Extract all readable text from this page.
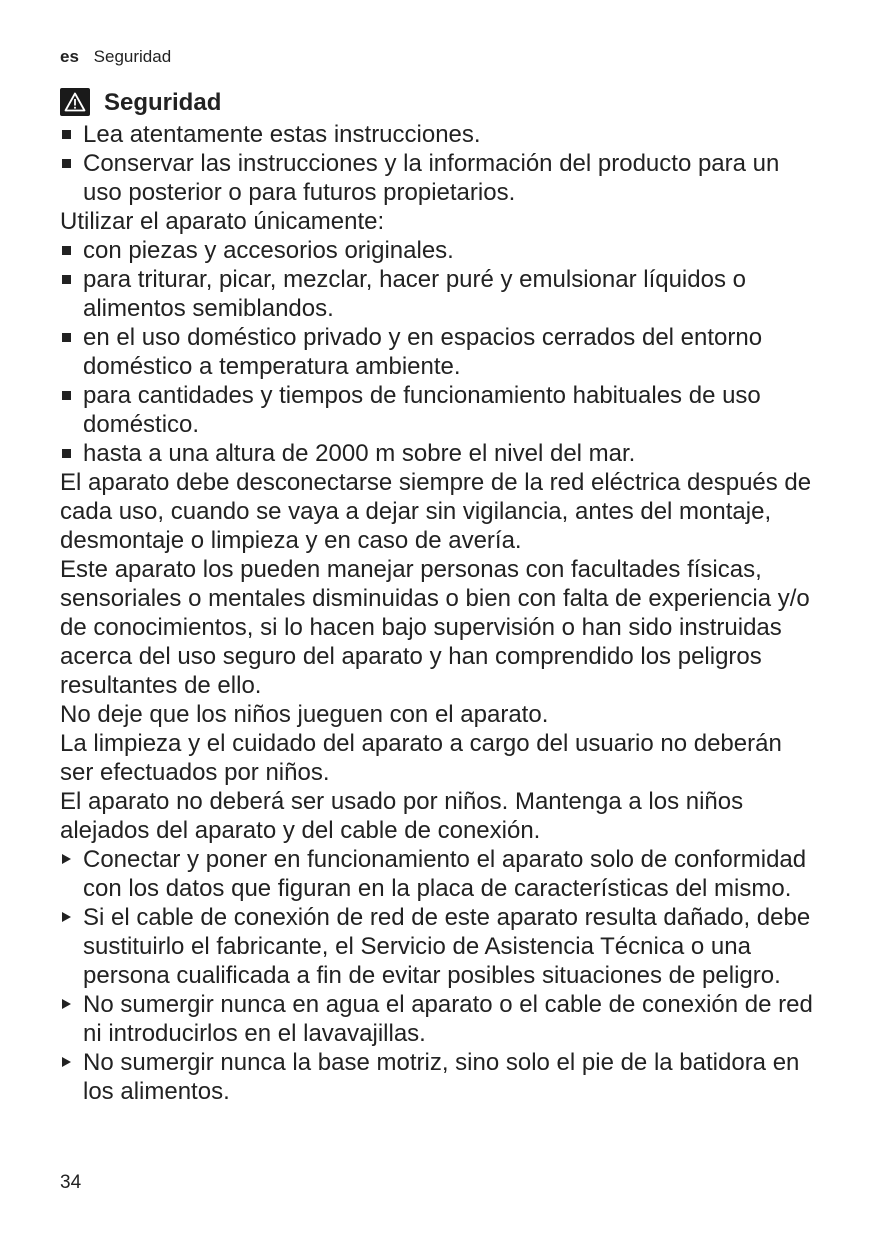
es Seguridad
Seguridad
Lea atentamente estas instrucciones.
Conservar las instrucciones y la información del producto para un uso posterior o para futuros propietarios.

Utilizar el aparato únicamente:

con piezas y accesorios originales.
para triturar, picar, mezclar, hacer puré y emulsionar líquidos o alimentos semiblandos.
en el uso doméstico privado y en espacios cerrados del entorno doméstico a temperatura ambiente.
para cantidades y tiempos de funcionamiento habituales de uso doméstico.
hasta a una altura de 2000 m sobre el nivel del mar.

El aparato debe desconectarse siempre de la red eléctrica después de cada uso, cuando se vaya a dejar sin vigilancia, antes del montaje, desmontaje o limpieza y en caso de avería.

Este aparato los pueden manejar personas con facultades físicas, sensoriales o mentales disminuidas o bien con falta de experiencia y/o de conocimientos, si lo hacen bajo supervisión o han sido instruidas acerca del uso seguro del aparato y han comprendido los peligros resultantes de ello.

No deje que los niños jueguen con el aparato.

La limpieza y el cuidado del aparato a cargo del usuario no deberán ser efectuados por niños.

El aparato no deberá ser usado por niños. Mantenga a los niños alejados del aparato y del cable de conexión.

Conectar y poner en funcionamiento el aparato solo de conformidad con los datos que figuran en la placa de características del mismo.
Si el cable de conexión de red de este aparato resulta dañado, debe sustituirlo el fabricante, el Servicio de Asistencia Técnica o una persona cualificada a fin de evitar posibles situaciones de peligro.
No sumergir nunca en agua el aparato o el cable de conexión de red ni introducirlos en el lavavajillas.
No sumergir nunca la base motriz, sino solo el pie de la batidora en los alimentos.
34
